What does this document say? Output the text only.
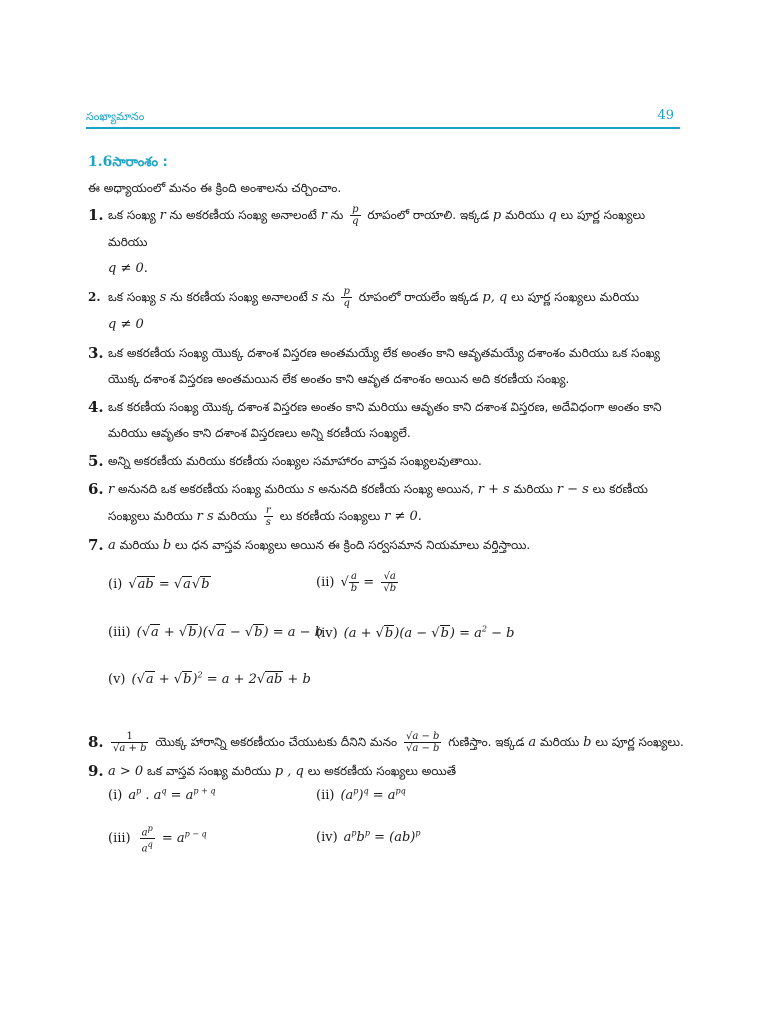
సంఖ్యామానం	49
1.6సారాంశం :
ఈ అధ్యాయంలో మనం ఈ క్రింది అంశాలను చర్చించాం.
1. ఒక సంఖ్య r ను అకరణీయ సంఖ్య అనాలంటే r ను $\frac{p}{q}$ రూపంలో రాయాలి. ఇక్కడ p మరియు q లు పూర్ణ సంఖ్యలు మరియు
q ≠ 0.
2. ఒక సంఖ్య s ను కరణీయ సంఖ్య అనాలంటే s ను $\frac{p}{q}$ రూపంలో రాయలేం ఇక్కడ p, q లు పూర్ణ సంఖ్యలు మరియు
q ≠ 0
3. ఒక అకరణీయ సంఖ్య యొక్క దశాంశ విస్తరణ అంతమయ్యే లేక అంతం కాని ఆవృతమయ్యే దశాంశం మరియు ఒక సంఖ్య యొక్క దశాంశ విస్తరణ అంతమయిన లేక అంతం కాని ఆవృత దశాంశం అయిన అది కరణీయ సంఖ్య.
4. ఒక కరణీయ సంఖ్య యొక్క దశాంశ విస్తరణ అంతం కాని మరియు ఆవృతం కాని దశాంశ విస్తరణ, అదేవిధంగా అంతం కాని మరియు ఆవృతం కాని దశాంశ విస్తరణలు అన్ని కరణీయ సంఖ్యలే.
5. అన్ని అకరణీయ మరియు కరణీయ సంఖ్యల సమాహారం వాస్తవ సంఖ్యలవుతాయి.
6. r అనునది ఒక అకరణీయ సంఖ్య మరియు s అనునది కరణీయ సంఖ్య అయిన, r + s మరియు r − s లు కరణీయ సంఖ్యలు మరియు r s మరియు $\frac{r}{s}$ లు కరణీయ సంఖ్యలు r ≠ 0.
7. a మరియు b లు ధన వాస్తవ సంఖ్యలు అయిన ఈ క్రింది సర్వసమాన నియమాలు వర్తిస్తాయి.
(i) √ab = √a√b	(ii) √ $\frac{a}{b} = \frac{√a}{√b}$
(iii) (√a + √b)(√a − √b) = a − b
(iv) $(a + √b)(a - √b) = a^2 - b$
(v) $(√a + √b)^2 = a + 2√ab + b$
8. $\frac{1}{√a + b}$ యొక్క హారాన్ని అకరణీయం చేయుటకు దీనిని మనం $\frac{√a - b}{√a - b}$ గుణిస్తాం. ఇక్కడ a మరియు b లు పూర్ణ సంఖ్యలు.
9. a > 0 ఒక వాస్తవ సంఖ్య మరియు p , q లు అకరణీయ సంఖ్యలు అయితే
(i) $a^p$ . $a^q = a^{p + q}$	(ii) $(a^p)^q = a^{pq}$
$(iii) \frac{a^p}{a^q} = a^{p - q}$	(iv) $a^pb^p = (ab)^p$
